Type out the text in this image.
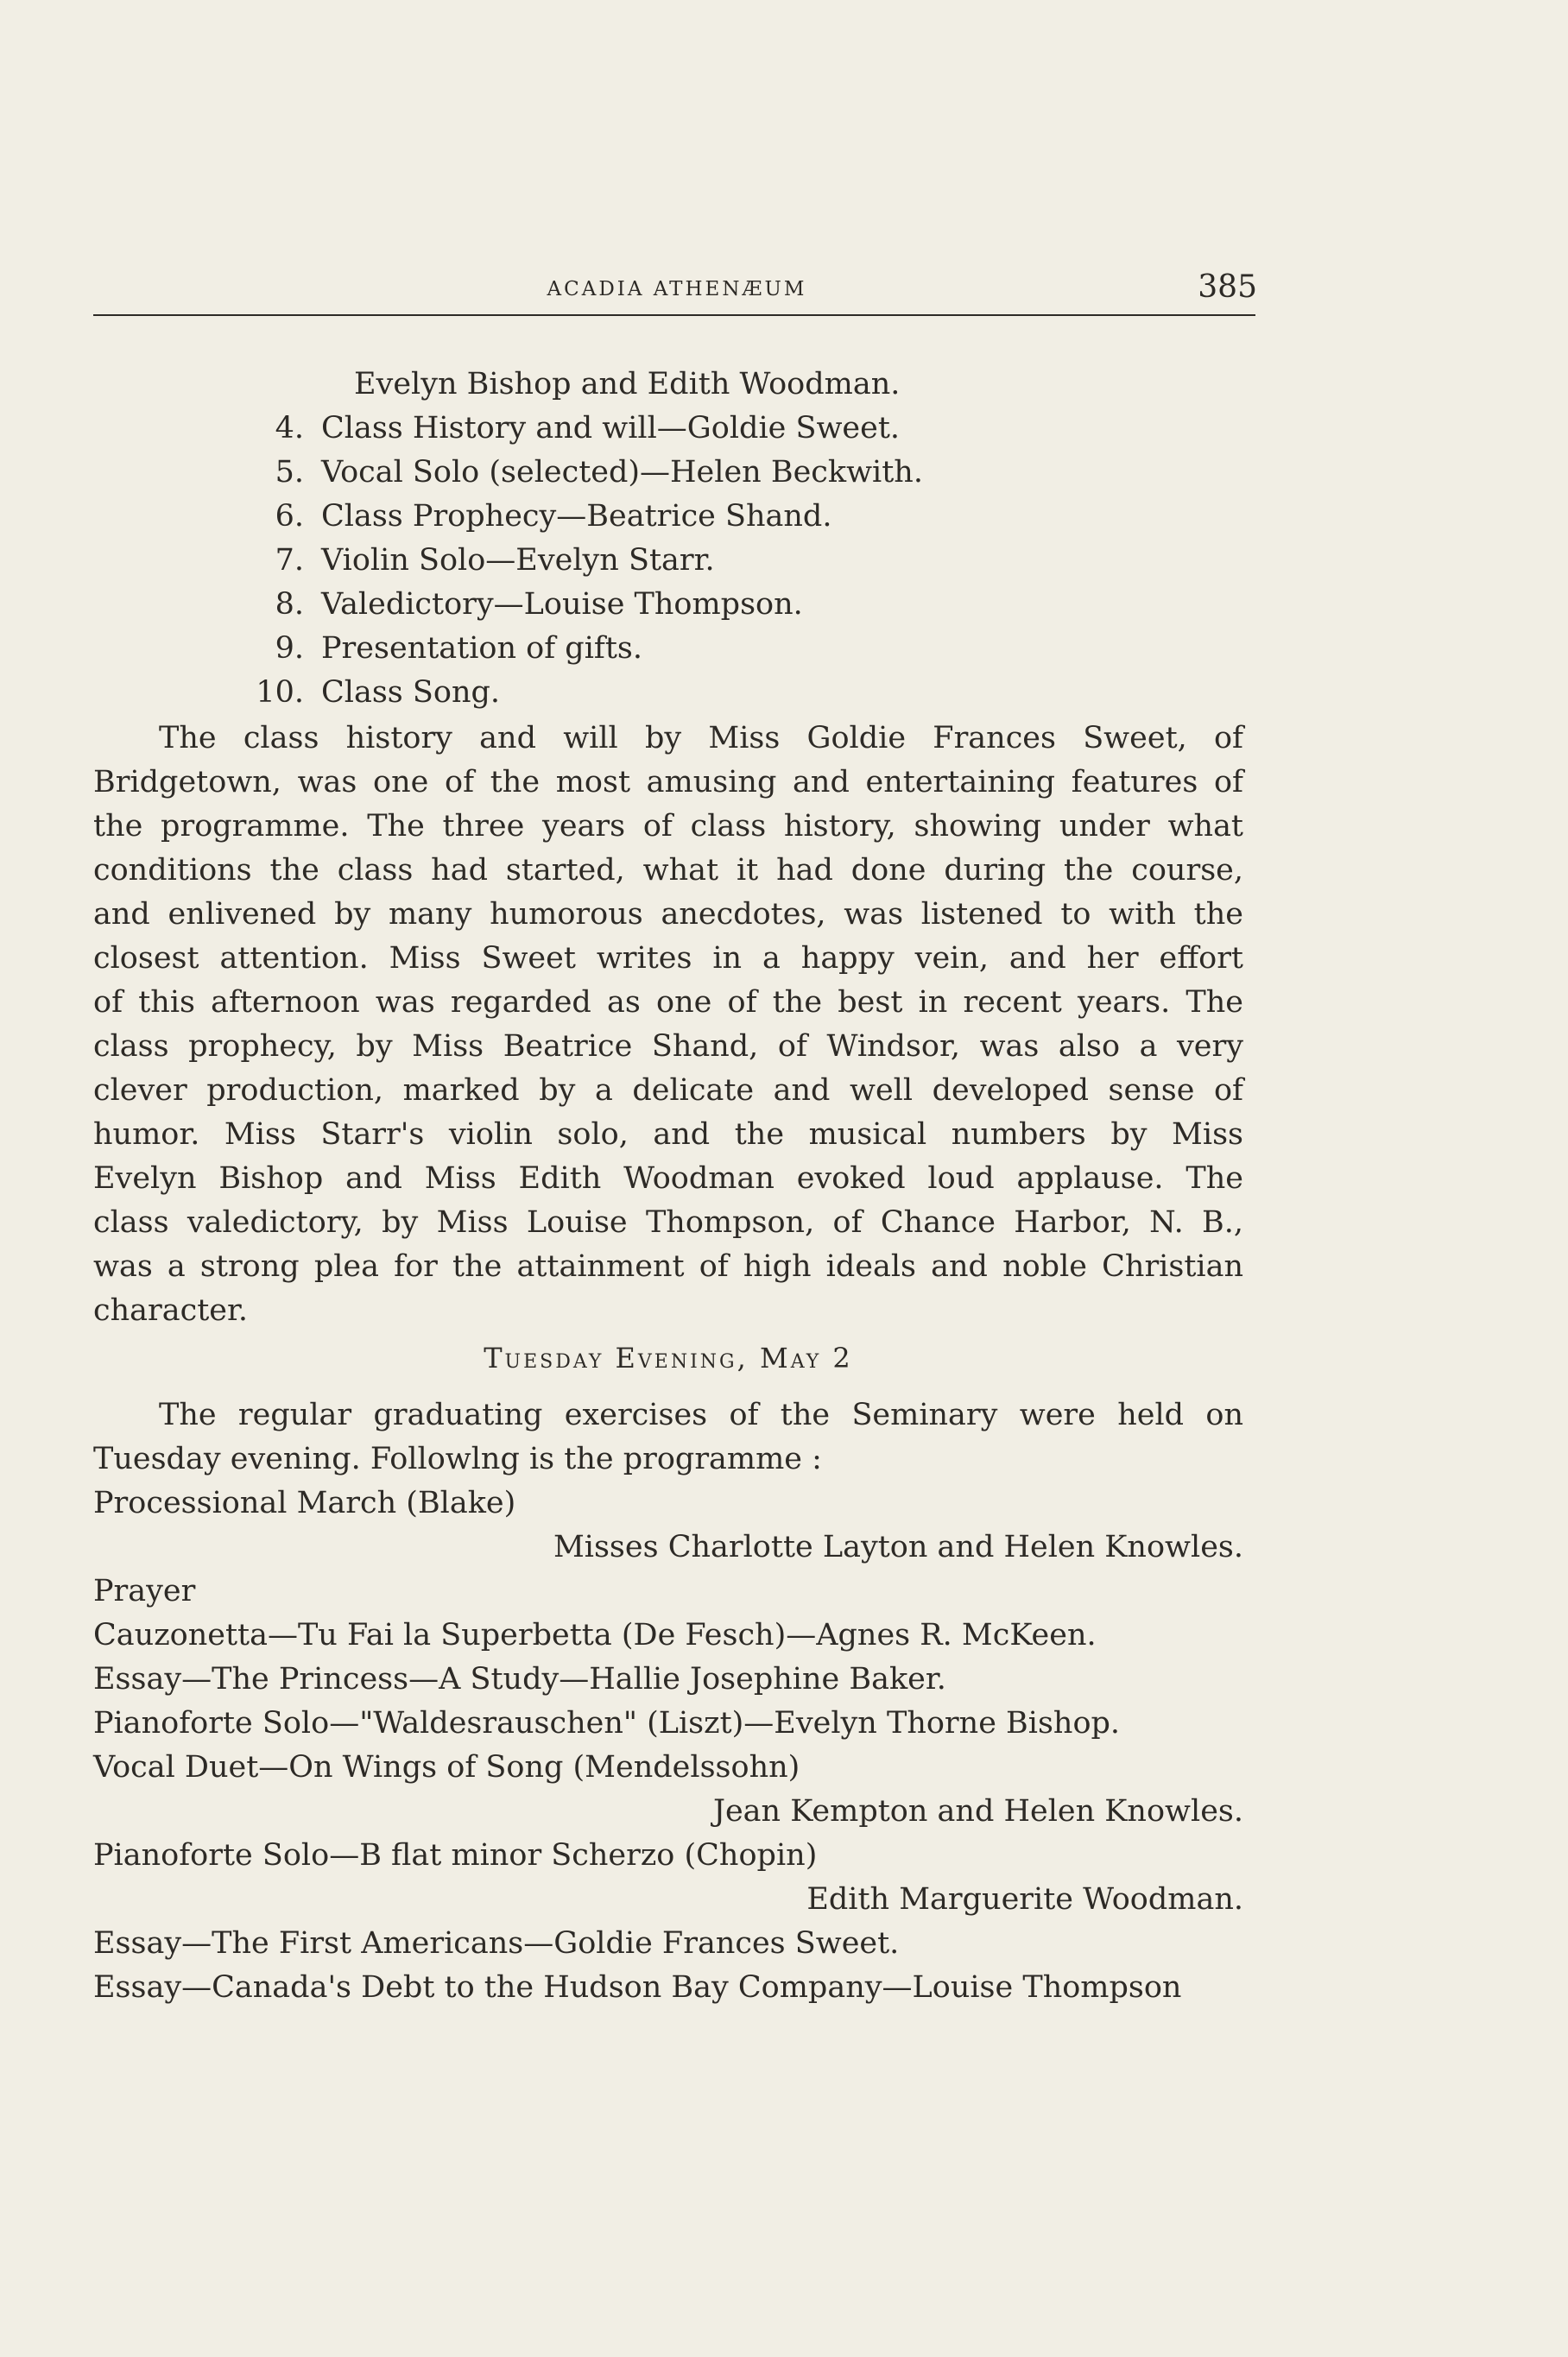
ACADIA ATHENÆUM	385
Evelyn Bishop and Edith Woodman.
4. Class History and will—Goldie Sweet.
5. Vocal Solo (selected)—Helen Beckwith.
6. Class Prophecy—Beatrice Shand.
7. Violin Solo—Evelyn Starr.
8. Valedictory—Louise Thompson.
9. Presentation of gifts.
10. Class Song.
The class history and will by Miss Goldie Frances Sweet, of
Bridgetown, was one of the most amusing and entertaining features of
the programme. The three years of class history, showing under what
conditions the class had started, what it had done during the course,
and enlivened by many humorous anecdotes, was listened to with the
closest attention. Miss Sweet writes in a happy vein, and her effort
of this afternoon was regarded as one of the best in recent years. The
class prophecy, by Miss Beatrice Shand, of Windsor, was also a very
clever production, marked by a delicate and well developed sense of
humor. Miss Starr's violin solo, and the musical numbers by Miss
Evelyn Bishop and Miss Edith Woodman evoked loud applause. The
class valedictory, by Miss Louise Thompson, of Chance Harbor, N. B.,
was a strong plea for the attainment of high ideals and noble Christian
character.
Tuesday Evening, May 2
The regular graduating exercises of the Seminary were held on
Tuesday evening. Followlng is the programme :
Processional March (Blake)
Misses Charlotte Layton and Helen Knowles.
Prayer
Cauzonetta—Tu Fai la Superbetta (De Fesch)—Agnes R. McKeen.
Essay—The Princess—A Study—Hallie Josephine Baker.
Pianoforte Solo—"Waldesrauschen" (Liszt)—Evelyn Thorne Bishop.
Vocal Duet—On Wings of Song (Mendelssohn)
Jean Kempton and Helen Knowles.
Pianoforte Solo—B flat minor Scherzo (Chopin)
Edith Marguerite Woodman.
Essay—The First Americans—Goldie Frances Sweet.
Essay—Canada's Debt to the Hudson Bay Company—Louise Thompson
